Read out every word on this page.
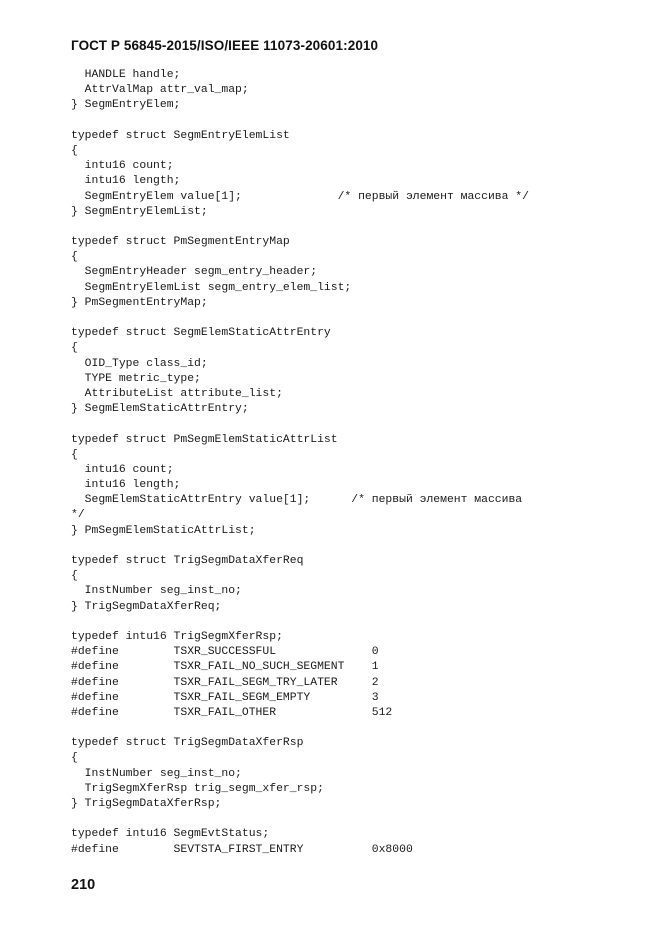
ГОСТ Р 56845-2015/ISO/IEEE 11073-20601:2010
HANDLE handle;
AttrValMap attr_val_map;
} SegmEntryElem;
typedef struct SegmEntryElemList
{
intu16 count;
intu16 length;
SegmEntryElem value[1];              /* первый элемент массива */
} SegmEntryElemList;
typedef struct PmSegmentEntryMap
{
SegmEntryHeader segm_entry_header;
SegmEntryElemList segm_entry_elem_list;
} PmSegmentEntryMap;
typedef struct SegmElemStaticAttrEntry
{
OID_Type class_id;
TYPE metric_type;
AttributeList attribute_list;
} SegmElemStaticAttrEntry;
typedef struct PmSegmElemStaticAttrList
{
intu16 count;
intu16 length;
SegmElemStaticAttrEntry value[1];      /* первый элемент массива
*/
} PmSegmElemStaticAttrList;
typedef struct TrigSegmDataXferReq
{
InstNumber seg_inst_no;
} TrigSegmDataXferReq;
typedef intu16 TrigSegmXferRsp;
#define        TSXR_SUCCESSFUL              0
#define        TSXR_FAIL_NO_SUCH_SEGMENT    1
#define        TSXR_FAIL_SEGM_TRY_LATER     2
#define        TSXR_FAIL_SEGM_EMPTY         3
#define        TSXR_FAIL_OTHER              512
typedef struct TrigSegmDataXferRsp
{
InstNumber seg_inst_no;
TrigSegmXferRsp trig_segm_xfer_rsp;
} TrigSegmDataXferRsp;
typedef intu16 SegmEvtStatus;
#define        SEVTSTA_FIRST_ENTRY          0x8000
210
